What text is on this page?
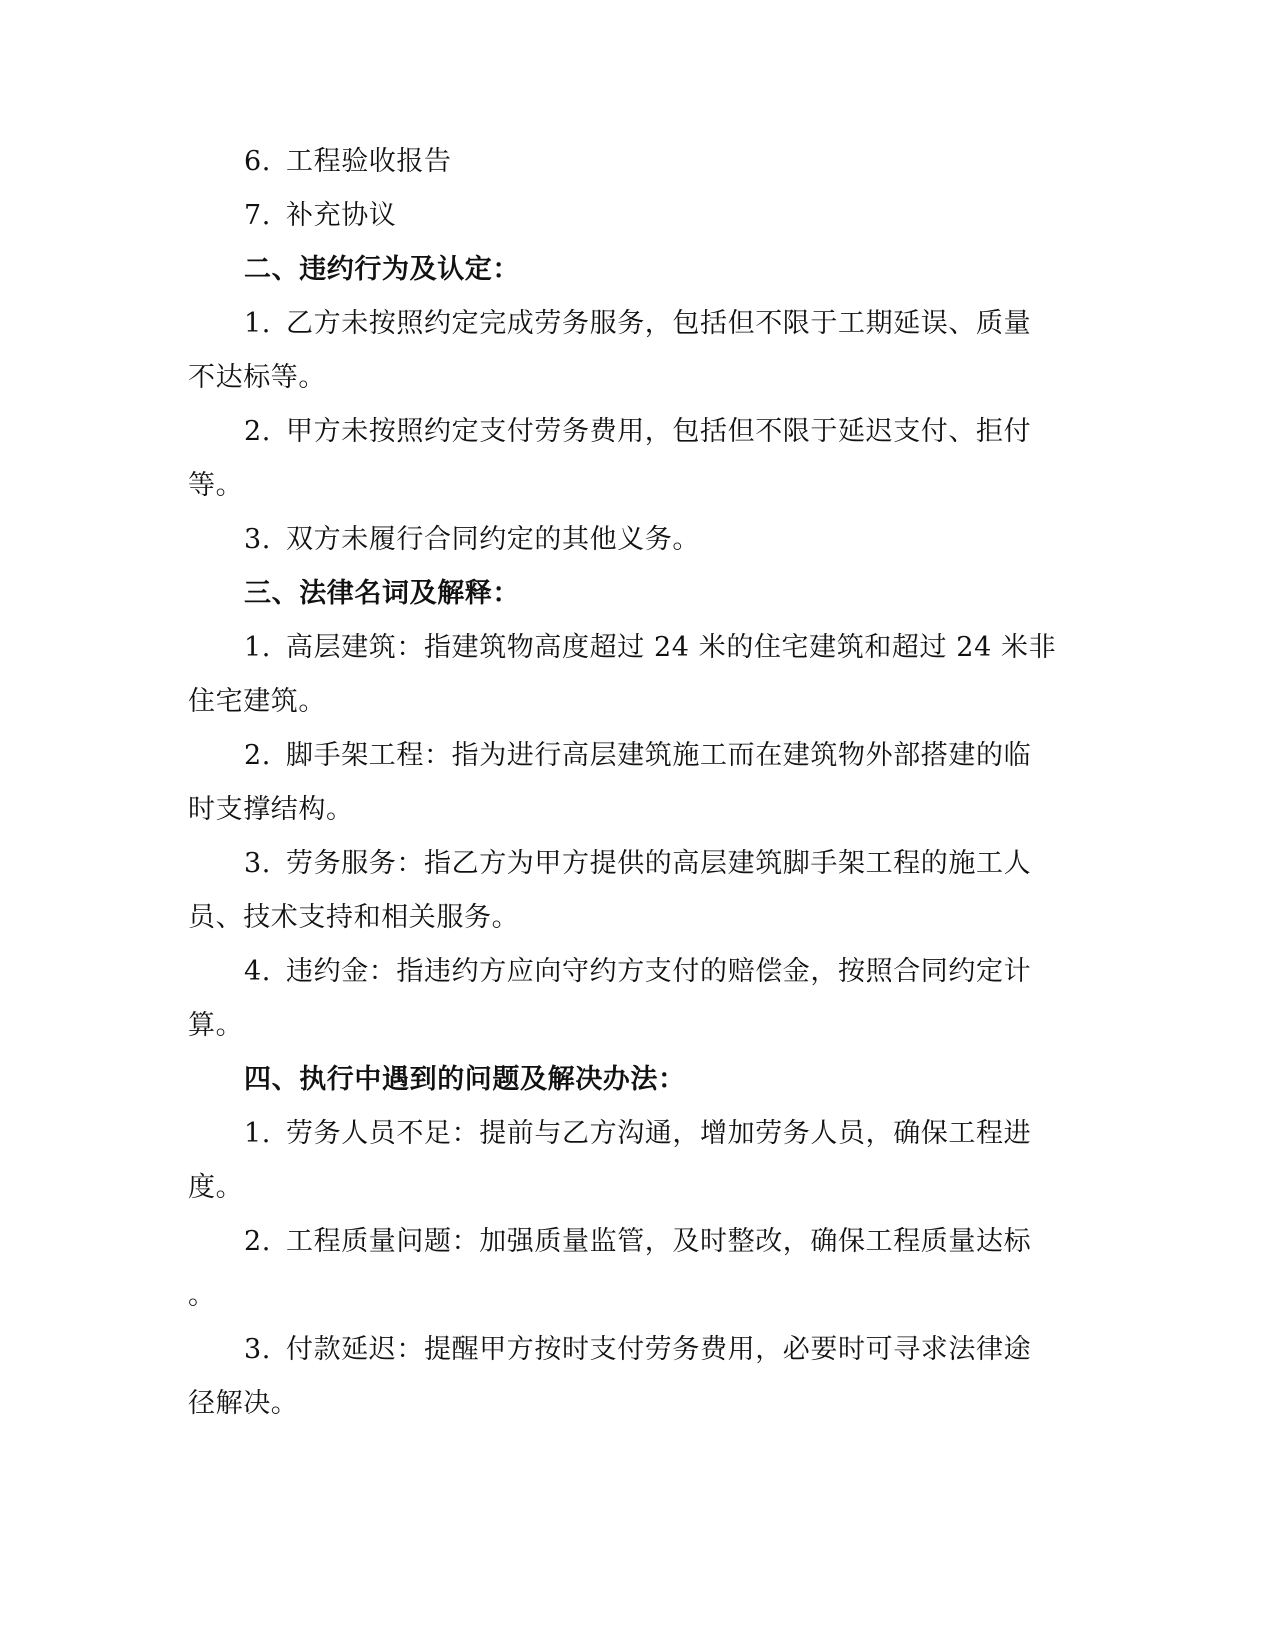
6. 工程验收报告
7. 补充协议
二、违约行为及认定：
1. 乙方未按照约定完成劳务服务，包括但不限于工期延误、质量
不达标等。
2. 甲方未按照约定支付劳务费用，包括但不限于延迟支付、拒付
等。
3. 双方未履行合同约定的其他义务。
三、法律名词及解释：
1. 高层建筑：指建筑物高度超过 24 米的住宅建筑和超过 24 米非
住宅建筑。
2. 脚手架工程：指为进行高层建筑施工而在建筑物外部搭建的临
时支撑结构。
3. 劳务服务：指乙方为甲方提供的高层建筑脚手架工程的施工人
员、技术支持和相关服务。
4. 违约金：指违约方应向守约方支付的赔偿金，按照合同约定计
算。
四、执行中遇到的问题及解决办法：
1. 劳务人员不足：提前与乙方沟通，增加劳务人员，确保工程进
度。
2. 工程质量问题：加强质量监管，及时整改，确保工程质量达标
。
3. 付款延迟：提醒甲方按时支付劳务费用，必要时可寻求法律途
径解决。
